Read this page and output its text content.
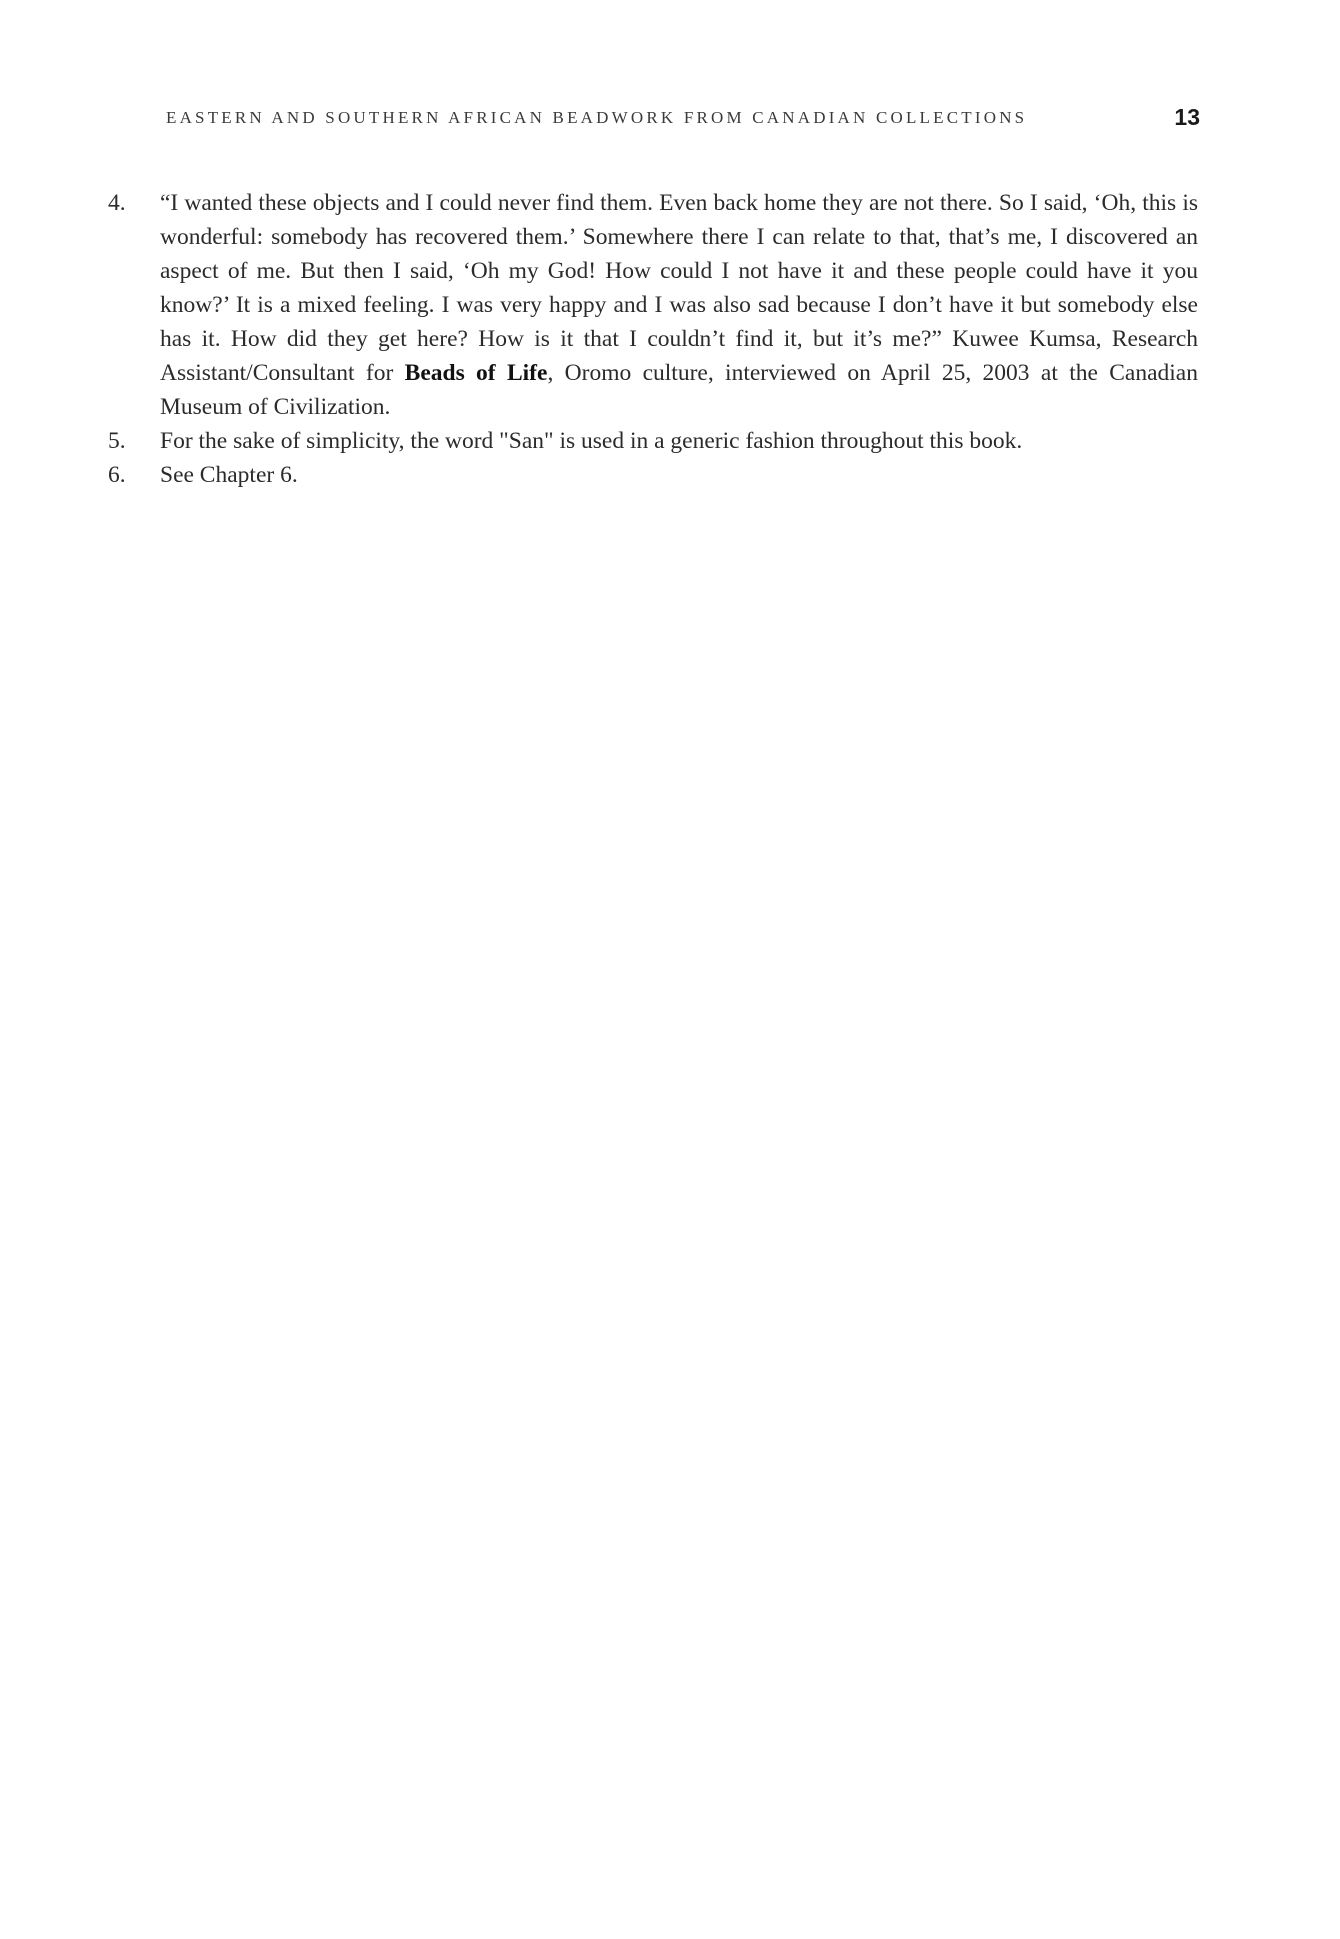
EASTERN AND SOUTHERN AFRICAN BEADWORK FROM CANADIAN COLLECTIONS	13
4. “I wanted these objects and I could never find them. Even back home they are not there. So I said, ‘Oh, this is wonderful: somebody has recovered them.’ Somewhere there I can relate to that, that’s me, I discovered an aspect of me. But then I said, ‘Oh my God! How could I not have it and these people could have it you know?’ It is a mixed feeling. I was very happy and I was also sad because I don’t have it but somebody else has it. How did they get here? How is it that I couldn’t find it, but it’s me?” Kuwee Kumsa, Research Assistant/Consultant for Beads of Life, Oromo culture, interviewed on April 25, 2003 at the Canadian Museum of Civilization.
5. For the sake of simplicity, the word "San" is used in a generic fashion throughout this book.
6. See Chapter 6.
